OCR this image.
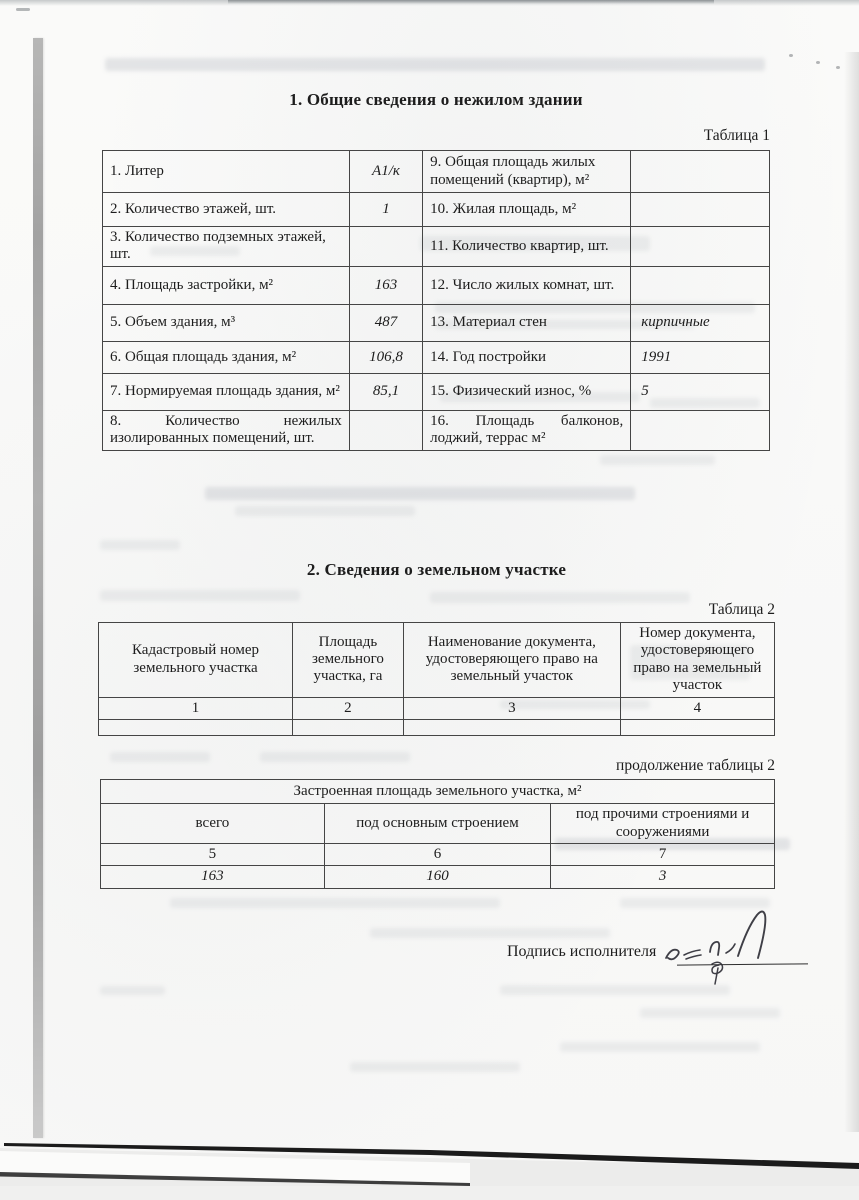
1. Общие сведения о нежилом здании
Таблица 1
1. Литер	А1/к	9. Общая площадь жилых помещений (квартир), м²	
2. Количество этажей, шт.	1	10. Жилая площадь, м²	
3. Количество подземных этажей, шт.		11. Количество квартир, шт.	
4. Площадь застройки, м²	163	12. Число жилых комнат, шт.	
5. Объем здания, м³	487	13. Материал стен	кирпичные
6. Общая площадь здания, м²	106,8	14. Год постройки	1991
7. Нормируемая площадь здания, м²	85,1	15. Физический износ, %	5
8. Количество нежилых изолированных помещений, шт.		16. Площадь балконов, лоджий, террас м²	
2. Сведения о земельном участке
Таблица 2
Кадастровый номер земельного участка	Площадь земельного участка, га	Наименование документа, удостоверяющего право на земельный участок	Номер документа, удостоверяющего право на земельный участок
1	2	3	4

продолжение таблицы 2
Застроенная площадь земельного участка, м²		
всего	под основным строением	под прочими строениями и сооружениями
5	6	7
163	160	3
Подпись исполнителя
